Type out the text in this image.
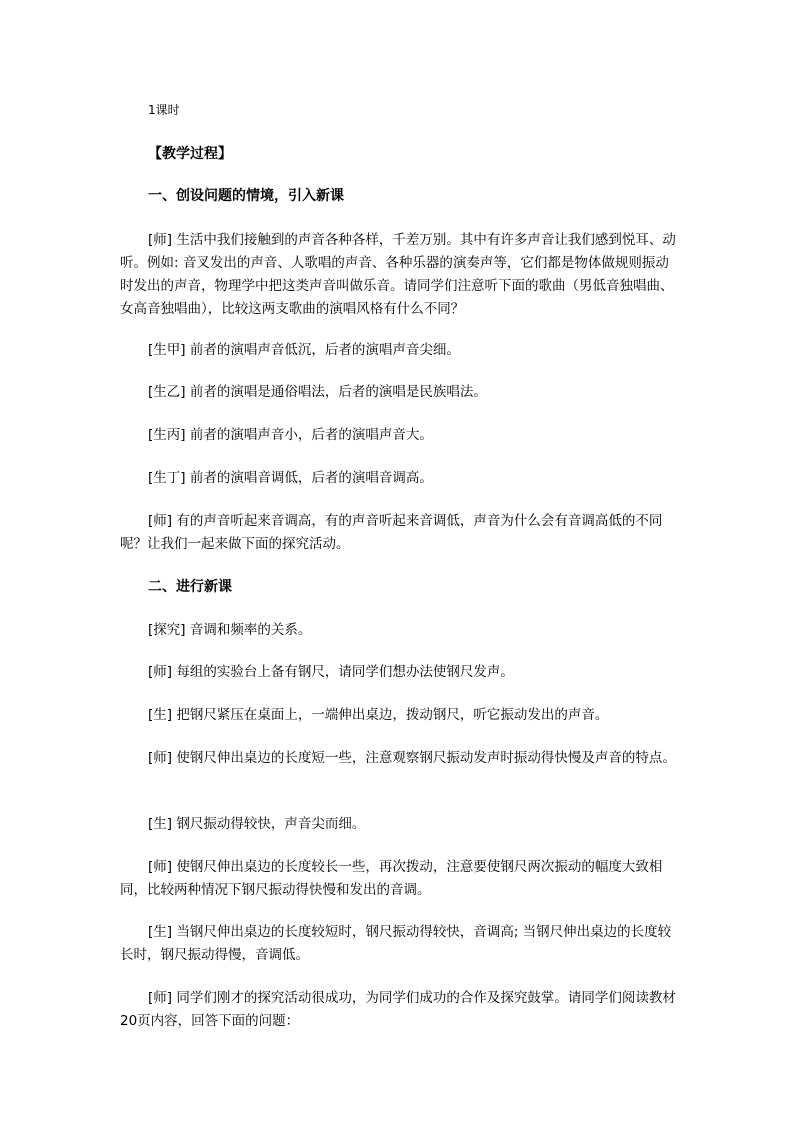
1课时
【教学过程】
一、创设问题的情境，引入新课
[师] 生活中我们接触到的声音各种各样，千差万别。其中有许多声音让我们感到悦耳、动听。例如: 音叉发出的声音、人歌唱的声音、各种乐器的演奏声等，它们都是物体做规则振动时发出的声音，物理学中把这类声音叫做乐音。请同学们注意听下面的歌曲（男低音独唱曲、女高音独唱曲），比较这两支歌曲的演唱风格有什么不同？
[生甲] 前者的演唱声音低沉，后者的演唱声音尖细。
[生乙] 前者的演唱是通俗唱法，后者的演唱是民族唱法。
[生丙] 前者的演唱声音小，后者的演唱声音大。
[生丁] 前者的演唱音调低，后者的演唱音调高。
[师] 有的声音听起来音调高，有的声音听起来音调低，声音为什么会有音调高低的不同呢？让我们一起来做下面的探究活动。
二、进行新课
[探究] 音调和频率的关系。
[师] 每组的实验台上备有钢尺，请同学们想办法使钢尺发声。
[生] 把钢尺紧压在桌面上，一端伸出桌边，拨动钢尺，听它振动发出的声音。
[师] 使钢尺伸出桌边的长度短一些，注意观察钢尺振动发声时振动得快慢及声音的特点。
[生] 钢尺振动得较快，声音尖而细。
[师] 使钢尺伸出桌边的长度较长一些，再次拨动，注意要使钢尺两次振动的幅度大致相同，比较两种情况下钢尺振动得快慢和发出的音调。
[生] 当钢尺伸出桌边的长度较短时，钢尺振动得较快，音调高; 当钢尺伸出桌边的长度较长时，钢尺振动得慢，音调低。
[师] 同学们刚才的探究活动很成功，为同学们成功的合作及探究鼓掌。请同学们阅读教材 20页内容，回答下面的问题：
